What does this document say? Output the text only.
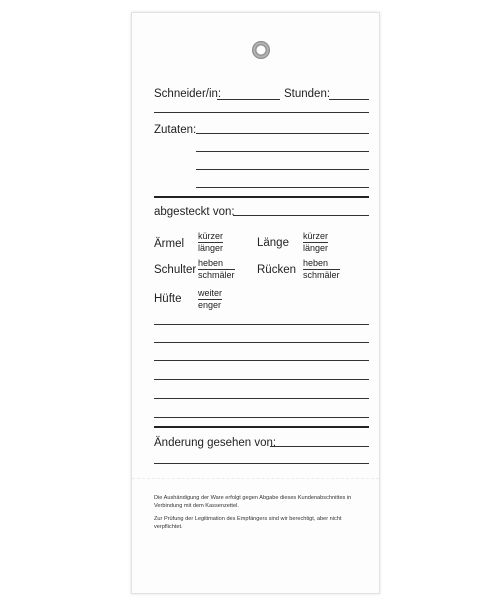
Schneider/in:	Stunden:
Zutaten:
abgesteckt von:
Ärmel
kürzer
länger	Länge
kürzer
länger
Schulter
heben
schmäler Rücken
heben
schmäler
Hüfte weiter
enger
Änderung gesehen von:
Die Aushändigung der Ware erfolgt gegen Abgabe dieses Kundenabschnittes in Verbindung mit dem Kassenzettel.
Zur Prüfung der Legitimation des Empfängers sind wir berechtigt, aber nicht verpflichtet.
